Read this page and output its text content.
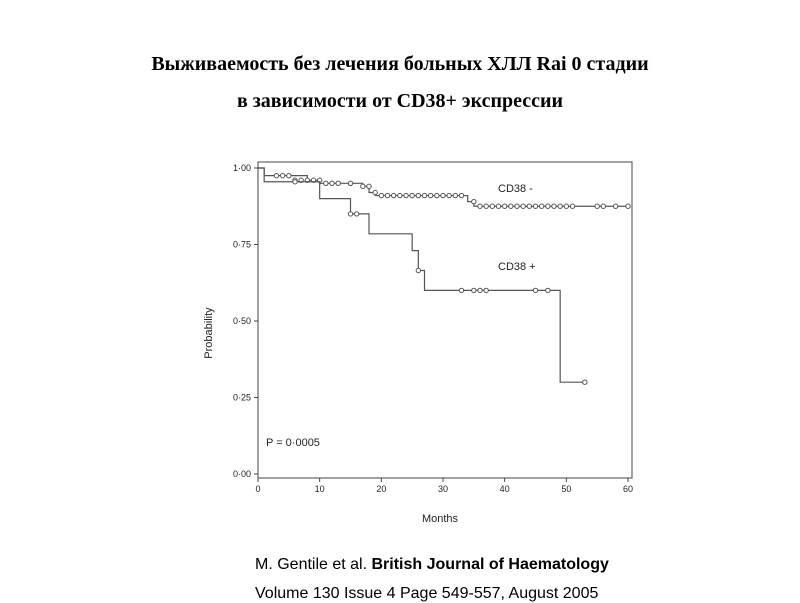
0	10	20	30	40	50	60
0·00
0·25
0·50
0·75
1·00
Months
Probability
CD38 -
CD38 +
P = 0·0005
Выживаемость без лечения больных ХЛЛ Rai 0 стадии
в зависимости от CD38+ экспрессии

M. Gentile et al. British Journal of Haematology

Volume 130 Issue 4 Page 549-557, August 2005
